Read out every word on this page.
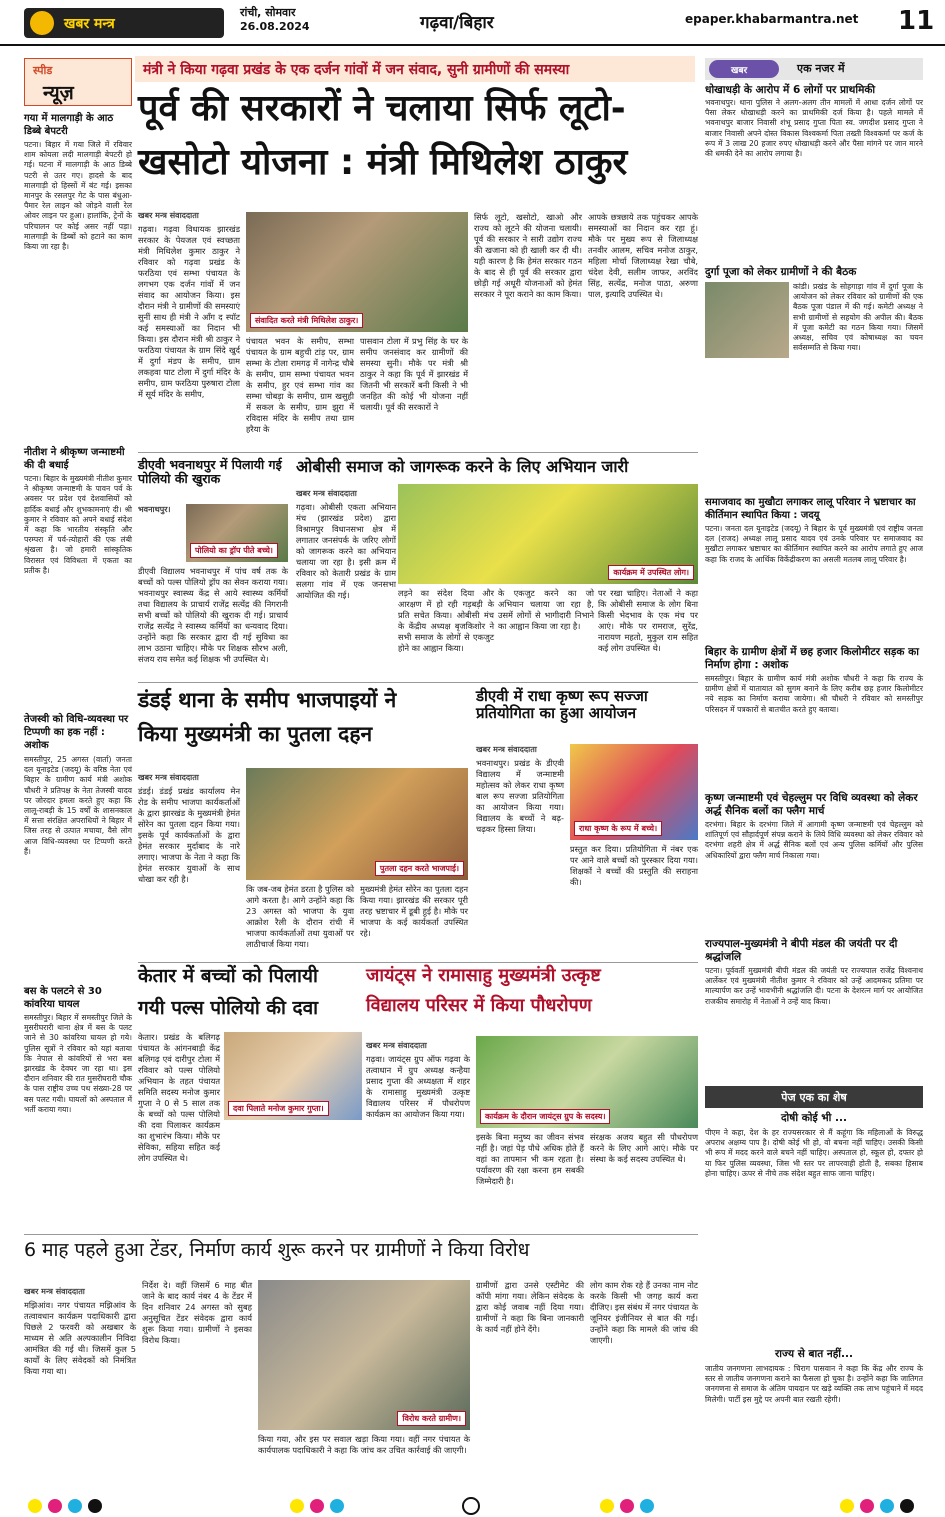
खबर मन्त्र
रांची, सोमवार
26.08.2024	गढ़वा/बिहार	epaper.khabarmantra.net 11
स्पीड
न्यूज़
गया में मालगाड़ी के आठ डिब्बे बेपटरी
पटना। बिहार में गया जिले में रविवार शाम कोयला लदी मालगाड़ी बेपटरी हो गई। घटना में मालगाड़ी के आठ डिब्बे पटरी से उतर गए। हादसे के बाद मालगाड़ी दो हिस्सों में बंट गई। इसका मानपुर के रसलपुर गेट के पास बंधुआ-पैमार रेल लाइन को जोड़ने वाली रेल ओवर लाइन पर हुआ। हालांकि, ट्रेनों के परिचालन पर कोई असर नहीं पड़ा। मालगाड़ी के डिब्बों को हटाने का काम किया जा रहा है।
नीतीश ने श्रीकृष्ण जन्माष्टमी की दी बधाई
पटना। बिहार के मुख्यमंत्री नीतीश कुमार ने श्रीकृष्ण जन्माष्टमी के पावन पर्व के अवसर पर प्रदेश एवं देशवासियों को हार्दिक बधाई और शुभकामनाएं दी। श्री कुमार ने रविवार को अपने बधाई संदेश में कहा कि भारतीय संस्कृति और परम्परा में पर्व-त्योहारों की एक लंबी श्रृंखला है। जो हमारी सांस्कृतिक विरासत एवं विविधता में एकता का प्रतीक है।
तेजस्वी को विधि-व्यवस्था पर टिप्पणी का हक नहीं : अशोक
समस्तीपुर, 25 अगस्त (वार्ता) जनता दल यूनाइटेड (जदयू) के वरिष्ठ नेता एवं बिहार के ग्रामीण कार्य मंत्री अशोक चौधरी ने प्रतिपक्ष के नेता तेजस्वी यादव पर जोरदार हमला करते हुए कहा कि लालू-राबड़ी के 15 वर्षों के शासनकाल में सत्ता संरक्षित अपराधियों ने बिहार में जिस तरह से उत्पात मचाया, वैसे लोग आज विधि-व्यवस्था पर टिप्पणी करते हैं।
बस के पलटने से 30 कांवरिया घायल
समस्तीपुर। बिहार में समस्तीपुर जिले के मुसरीघरारी थाना क्षेत्र में बस के पलट जाने से 30 कांवरिया घायल हो गये। पुलिस सूत्रों ने रविवार को यहां बताया कि नेपाल से कांवरियों से भरा बस झारखंड के देवघर जा रहा था। इस दौरान शनिवार की रात मुसरीघरारी चौक के पास राष्ट्रीय उच्च पथ संख्या-28 पर बस पलट गयी। घायलों को अस्पताल में भर्ती कराया गया।
मंत्री ने किया गढ़वा प्रखंड के एक दर्जन गांवों में जन संवाद, सुनी ग्रामीणों की समस्या
पूर्व की सरकारों ने चलाया सिर्फ लूटो-
खसोटो योजना : मंत्री मिथिलेश ठाकुर
खबर मन्त्र संवाददाता
गढ़वा। गढ़वा विधायक झारखंड सरकार के पेयजल एवं स्वच्छता मंत्री मिथिलेश कुमार ठाकुर ने रविवार को गढ़वा प्रखंड के फरठिया एवं सम्भा पंचायत के लगभग एक दर्जन गांवों में जन संवाद का आयोजन किया। इस दौरान मंत्री ने ग्रामीणों की समस्याएं सुनीं साथ ही मंत्री ने आँग द स्पॉट कई समस्याओं का निदान भी किया। इस दौरान मंत्री श्री ठाकुर ने फरठिया पंचायत के ग्राम सिंदे खुर्द में दुर्गा मंडप के समीप, ग्राम लकहवा घाट टोला में दुर्गा मंदिर के समीप, ग्राम फरठिया पुरुषारा टोला में सूर्य मंदिर के समीप,
संवादित करते मंत्री मिथिलेश ठाकुर।
पंचायत भवन के समीप, सम्भा पंचायत के ग्राम बहुची टांड़ पर, ग्राम सम्भा के टोला रामगढ़ में नागेन्द्र चौबे के समीप, ग्राम सम्भा पंचायत भवन के समीप, हुर एवं सम्भा गांव का सम्भा चोबड़ा के समीप, ग्राम खसुही में सकल के समीप, ग्राम झुरा में रविदास मंदिर के समीप तथा ग्राम हरैया के
पासवान टोला में प्रभु सिंह के घर के समीप जनसंवाद कर ग्रामीणों की समस्या सुनी। मौके पर मंत्री श्री ठाकुर ने कहा कि पूर्व में झारखंड में जितनी भी सरकारें बनी किसी ने भी जनहित की कोई भी योजना नहीं चलायी। पूर्व की सरकारों ने
सिर्फ लूटो, खसोटो, खाओ और राज्य को लूटने की योजना चलायी। पूर्व की सरकार ने सारी उद्योग राज्य की खजाना को ही खाली कर दी थी। यही कारण है कि हेमंत सरकार गठन के बाद से ही पूर्व की सरकार द्वारा छोड़ी गई अधूरी योजनाओं को हेमंत सरकार ने पूरा कराने का काम किया।
आपके छत्रछाये तक पहुंचकर आपके समस्याओं का निदान कर रहा हूं। मौके पर मुख्य रूप से जिलाध्यक्ष तनवीर आलम, सचिव मनोज ठाकुर, महिला मोर्चा जिलाध्यक्ष रेखा चौबे, चंदेश देवी, सलीम जाफर, अरविंद सिंह, सत्येंद्र, मनोज पाठा, अरुणा पाल, इत्यादि उपस्थित थे।
डीएवी भवनाथपुर में पिलायी गई पोलियो की खुराक
भवनाथपुर।
पोलियो का ड्रॉप पीते बच्चे।
डीएवी विद्यालय भवनाथपुर में पांच वर्ष तक के बच्चों को पल्स पोलियो ड्रॉप का सेवन कराया गया। भवनाथपुर स्वास्थ्य केंद्र से आये स्वास्थ्य कर्मियों तथा विद्यालय के प्राचार्य राजेंद्र सत्येंद्र की निगरानी सभी बच्चों को पोलियो की खुराक दी गई। प्राचार्य राजेंद्र सत्येंद्र ने स्वास्थ्य कर्मियों का धन्यवाद दिया। उन्होंने कहा कि सरकार द्वारा दी गई सुविधा का लाभ उठाना चाहिए। मौके पर शिक्षक सौरभ अली, संजय राय समेत कई शिक्षक भी उपस्थित थे।
ओबीसी समाज को जागरूक करने के लिए अभियान जारी
खबर मन्त्र संवाददाता
गढ़वा। ओबीसी एकता अभियान मंच (झारखंड प्रदेश) द्वारा विश्रामपुर विधानसभा क्षेत्र में लगातार जनसंपर्क के जरिए लोगों को जागरूक करने का अभियान चलाया जा रहा है। इसी क्रम में रविवार को केतारी प्रखंड के ग्राम सलगा गांव में एक जनसभा आयोजित की गई।
कार्यक्रम में उपस्थित लोग।
लड़ने का संदेश दिया और आरक्षण में हो रही गड़बड़ी के प्रति सचेत किया। ओबीसी मंच के केंद्रीय अध्यक्ष बृजकिशोर ने सभी समाज के लोगों से एकजुट होने का आह्वान किया।
के एकजुट करने का जो अभियान चलाया जा रहा है, उसमें लोगों से भागीदारी निभाने का आह्वान किया जा रहा है।
पर रखा चाहिए। नेताओं ने कहा कि ओबीसी समाज के लोग बिना किसी भेदभाव के एक मंच पर आएं। मौके पर रामराज, सुरेंद्र, नारायण महतो, मुकुल राम सहित कई लोग उपस्थित थे।
डंडई थाना के समीप भाजपाइयों ने
किया मुख्यमंत्री का पुतला दहन
खबर मन्त्र संवाददाता
डंडई। डंडई प्रखंड कार्यालय मेन रोड के समीप भाजपा कार्यकर्ताओं के द्वारा झारखंड के मुख्यमंत्री हेमंत सोरेन का पुतला दहन किया गया। इसके पूर्व कार्यकर्ताओं के द्वारा हेमंत सरकार मुर्दाबाद के नारे लगाए। भाजपा के नेता ने कहा कि हेमंत सरकार युवाओं के साथ धोखा कर रही है।
पुतला दहन करते भाजपाई।
कि जब-जब हेमंत डरता है पुलिस को आगे करता है। आगे उन्होंने कहा कि 23 अगस्त को भाजपा के युवा आक्रोश रैली के दौरान रांची में भाजपा कार्यकर्ताओं तथा युवाओं पर लाठीचार्ज किया गया।
मुख्यमंत्री हेमंत सोरेन का पुतला दहन किया गया। झारखंड की सरकार पूरी तरह भ्रष्टाचार में डूबी हुई है। मौके पर भाजपा के कई कार्यकर्ता उपस्थित रहे।
डीएवी में राधा कृष्ण रूप सज्जा प्रतियोगिता का हुआ आयोजन
खबर मन्त्र संवाददाता
भवनाथपुर। प्रखंड के डीएवी विद्यालय में जन्माष्टमी महोत्सव को लेकर राधा कृष्ण बाल रूप सज्जा प्रतियोगिता का आयोजन किया गया। विद्यालय के बच्चों ने बढ़-चढ़कर हिस्सा लिया।	राधा कृष्ण के रूप में बच्चे।
प्रस्तुत कर दिया। प्रतियोगिता में नंबर एक पर आने वाले बच्चों को पुरस्कार दिया गया। शिक्षकों ने बच्चों की प्रस्तुति की सराहना की।
केतार में बच्चों को पिलायी
गयी पल्स पोलियो की दवा
दवा पिलाते मनोज कुमार गुप्ता।
केतार। प्रखंड के बलिगढ़ पंचायत के आंगनबाड़ी केंद्र बलिगढ़ एवं दारीपुर टोला में रविवार को पल्स पोलियो अभियान के तहत पंचायत समिति सदस्य मनोज कुमार गुप्ता ने 0 से 5 साल तक के बच्चों को पल्स पोलियो की दवा पिलाकर कार्यक्रम का शुभारंभ किया। मौके पर सेविका, सहिया सहित कई लोग उपस्थित थे।
जायंट्स ने रामासाहु मुख्यमंत्री उत्कृष्ट
विद्यालय परिसर में किया पौधरोपण
खबर मन्त्र संवाददाता
गढ़वा। जायंट्स ग्रुप ऑफ गढ़वा के तत्वाधान में ग्रुप अध्यक्ष कन्हैया प्रसाद गुप्ता की अध्यक्षता में शहर के रामासाहु मुख्यमंत्री उत्कृष्ट विद्यालय परिसर में पौधरोपण कार्यक्रम का आयोजन किया गया।	कार्यक्रम के दौरान जायंट्स ग्रुप के सदस्य।
इसके बिना मनुष्य का जीवन संभव नहीं है। जहां पेड़ पौधे अधिक होते हैं वहां का तापमान भी कम रहता है। पर्यावरण की रक्षा करना हम सबकी जिम्मेदारी है।
संरक्षक अजय बहुत सी पौधरोपण करने के लिए आगे आएं। मौके पर संस्था के कई सदस्य उपस्थित थे।
6 माह पहले हुआ टेंडर, निर्माण कार्य शुरू करने पर ग्रामीणों ने किया विरोध
खबर मन्त्र संवाददाता
मझिआंव। नगर पंचायत मझिआंव के तत्वावधान कार्यक्रम पदाधिकारी द्वारा पिछले 2 फरवरी को अखबार के माध्यम से अति अल्पकालीन निविदा आमंत्रित की गई थी। जिसमें कुल 5 कार्यों के लिए संवेदकों को निमंत्रित किया गया था।
निर्देश दे। वहीं जिसमें 6 माह बीत जाने के बाद कार्य नंबर 4 के टेंडर में दिन शनिवार 24 अगस्त को सुबह अनुसूचित टेंडर संवेदक द्वारा कार्य शुरू किया गया। ग्रामीणों ने इसका विरोध किया।
विरोध करते ग्रामीण।
किया गया, और इस पर सवाल खड़ा किया गया। वहीं नगर पंचायत के कार्यपालक पदाधिकारी ने कहा कि जांच कर उचित कार्रवाई की जाएगी।
ग्रामीणों द्वारा उनसे एस्टीमेट की कॉपी मांगा गया। लेकिन संवेदक के द्वारा कोई जवाब नहीं दिया गया। ग्रामीणों ने कहा कि बिना जानकारी के कार्य नहीं होने देंगे।
लोग काम रोक रहे हैं उनका नाम नोट करके किसी भी जगह कार्य करा दीजिए। इस संबंध में नगर पंचायत के जूनियर इंजीनियर से बात की गई। उन्होंने कहा कि मामले की जांच की जाएगी।
खबर	एक नजर में
धोखाधड़ी के आरोप में 6 लोगों पर प्राथमिकी
भवनाथपुर। थाना पुलिस ने अलग-अलग तीन मामलों में आधा दर्जन लोगों पर पैसा लेकर धोखाधड़ी करने का प्राथमिकी दर्ज किया है। पहले मामले में भवनाथपुर बाजार निवासी शंभू प्रसाद गुप्ता पिता स्व. जगदीश प्रसाद गुप्ता ने बाजार निवासी अपने दोस्त विकास विश्वकर्मा पिता तख्ती विश्वकर्मा पर कर्ज के रूप में 3 लाख 20 हजार रुपए धोखाधड़ी करने और पैसा मांगने पर जान मारने की धमकी देने का आरोप लगाया है।
दुर्गा पूजा को लेकर ग्रामीणों ने की बैठक
कांडी। प्रखंड के सोहगाड़ा गांव में दुर्गा पूजा के आयोजन को लेकर रविवार को ग्रामीणों की एक बैठक पूजा पंडाल में की गई। कमेटी अध्यक्ष ने सभी ग्रामीणों से सहयोग की अपील की। बैठक में पूजा कमेटी का गठन किया गया। जिसमें अध्यक्ष, सचिव एवं कोषाध्यक्ष का चयन सर्वसम्मति से किया गया।
समाजवाद का मुखौटा लगाकर लालू परिवार ने भ्रष्टाचार का कीर्तिमान स्थापित किया : जदयू
पटना। जनता दल यूनाइटेड (जदयू) ने बिहार के पूर्व मुख्यमंत्री एवं राष्ट्रीय जनता दल (राजद) अध्यक्ष लालू प्रसाद यादव एवं उनके परिवार पर समाजवाद का मुखौटा लगाकर भ्रष्टाचार का कीर्तिमान स्थापित करने का आरोप लगाते हुए आज कहा कि राजद के आर्थिक विकेंद्रीकरण का असली मतलब लालू परिवार है।
बिहार के ग्रामीण क्षेत्रों में छह हजार किलोमीटर सड़क का निर्माण होगा : अशोक
समस्तीपुर। बिहार के ग्रामीण कार्य मंत्री अशोक चौधरी ने कहा कि राज्य के ग्रामीण क्षेत्रों में यातायात को सुगम बनाने के लिए करीब छह हजार किलोमीटर नये सड़क का निर्माण कराया जायेगा। श्री चौधरी ने रविवार को समस्तीपुर परिसदन में पत्रकारों से बातचीत करते हुए बताया।
कृष्ण जन्माष्टमी एवं चेहल्लुम पर विधि व्यवस्था को लेकर अर्द्ध सैनिक बलों का फ्लैग मार्च
दरभंगा। बिहार के दरभंगा जिले में आगामी कृष्ण जन्माष्टमी एवं चेहल्लुम को शांतिपूर्ण एवं सौहार्दपूर्ण संपन्न कराने के लिये विधि व्यवस्था को लेकर रविवार को दरभंगा शहरी क्षेत्र में अर्द्ध सैनिक बलों एवं अन्य पुलिस कर्मियों और पुलिस अधिकारियों द्वारा फ्लैग मार्च निकाला गया।
राज्यपाल-मुख्यमंत्री ने बीपी मंडल की जयंती पर दी श्रद्धांजलि
पटना। पूर्ववर्ती मुख्यमंत्री बीपी मंडल की जयंती पर राज्यपाल राजेंद्र विश्वनाथ आर्लेकर एवं मुख्यमंत्री नीतीश कुमार ने रविवार को उन्हें आदमकद प्रतिमा पर माल्यार्पण कर उन्हें भावभीनी श्रद्धांजलि दी। पटना के देशरत्न मार्ग पर आयोजित राजकीय समारोह में नेताओं ने उन्हें याद किया।
पेज एक का शेष
दोषी कोई भी ...
पीएम ने कहा, देश के हर राज्यसरकार से मैं कहूंगा कि महिलाओं के विरुद्ध अपराध अक्षम्य पाप है। दोषी कोई भी हो, वो बचना नहीं चाहिए। उसकी किसी भी रूप में मदद करने वाले बचने नहीं चाहिए। अस्पताल हो, स्कूल हो, दफ्तर हो या फिर पुलिस व्यवस्था, जिस भी स्तर पर लापरवाही होती है, सबका हिसाब होना चाहिए। ऊपर से नीचे तक संदेश बहुत साफ जाना चाहिए।
राज्य से बात नहीं...
जातीय जनगणना लाभदायक : चिराग पासवान ने कहा कि केंद्र और राज्य के स्तर से जातीय जनगणना कराने का फैसला हो चुका है। उन्होंने कहा कि जातिगत जनगणना से समाज के अंतिम पायदान पर खड़े व्यक्ति तक लाभ पहुंचाने में मदद मिलेगी। पार्टी इस मुद्दे पर अपनी बात रखती रहेगी।
